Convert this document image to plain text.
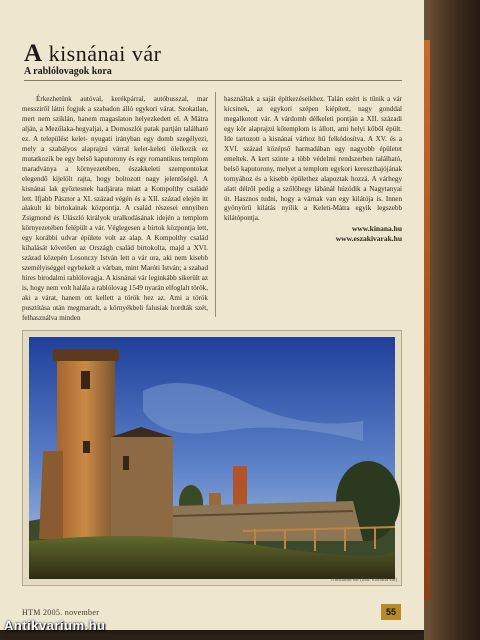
A kisnánai vár
A rablólovagok kora

Érkezhetünk autóval, kerékpárral, autóbusszal, mar messziről látni fogjuk a szabadon álló egykori várat. Szokatlan, mert nem sziklán, hanem magaslaton helyezkedett el. A Mátra alján, a Mezőlaka-hegyaljai, a Domoszlói patak partján található ez. A települést kelet- nyugati irányban egy domb szegélyezi, mely a szabályos alaprajzú várral kelet-keleti ölelkezik ez mutatkozik be egy belső kaputorony és egy romantikus templom maradványa a környezetében, északkeleti szempontokat elegendő kijelölt rajta, hogy boltozott nagy jelentőségű. A kisnánai lak győztesnek hadjárata miatt a Kompolthy családé lett. Ifjabb Pásztor a XI. század végén és a XII. század elején itt alakult ki birtokainak központja. A család részesei ennyiben Zsigmond és Ulászló királyok uralkodásának idején a templom környezetében felépült a vár. Véglegesen a birtok központja lett, egy korábbi udvar épülete volt az alap. A Kompolthy család kihalását követően az Országh család birtokolta, majd a XVI. század közepén Losonczy István lett a vár ura, aki nem kisebb személyiséggel egybekelt a várban, mint Maróti István; a szabad hires birodalmi rablólovagja. A kisnánai vár leginkább sikerült az is, hogy nem volt halála a rablólovag 1549 nyarán elfoglalt török, aki a várat, hanem ott kellett a török hez az. Ami a török pusztítása után megmaradt, a környékbeli falusiak hordták szét, felhasználva minden

használtak a saját építkezéseikhez. Talán ezért is tűnik a vár kicsinek, az egykori szépen kiépített, nagy gonddal megalkotott vár. A várdomb délkeleti pontján a XII. századi egy kör alaprajzú kőtemplom is állott, ami helyi kőből épült. Ide tartozott a kisnánai várhoz hű felkódosítva. A XV. és a XVI. század középső harmadában egy nagyobb épületet emeltek. A kert szinte a több védelmi rendszerben található, belső kaputorony, melyet a templom egykori kereszthajójának tornyához és a kisebb épülethez alapoztak hozzá. A várhegy alatt délről pedig a szőlőhegy lábánál húzódik a Nagytanyai út. Hasznos tudni, hogy a várnak van egy kilátója is. Innen gyönyörű kilátás nyílik a Keleti-Mátra egyik legszebb kilátópontja.

www.kinana.hu
www.eszakivarak.hu
A kisnánai vár (fotó: Kisnána vár)

HTM 2005. november	55

Antikvarium.hu
